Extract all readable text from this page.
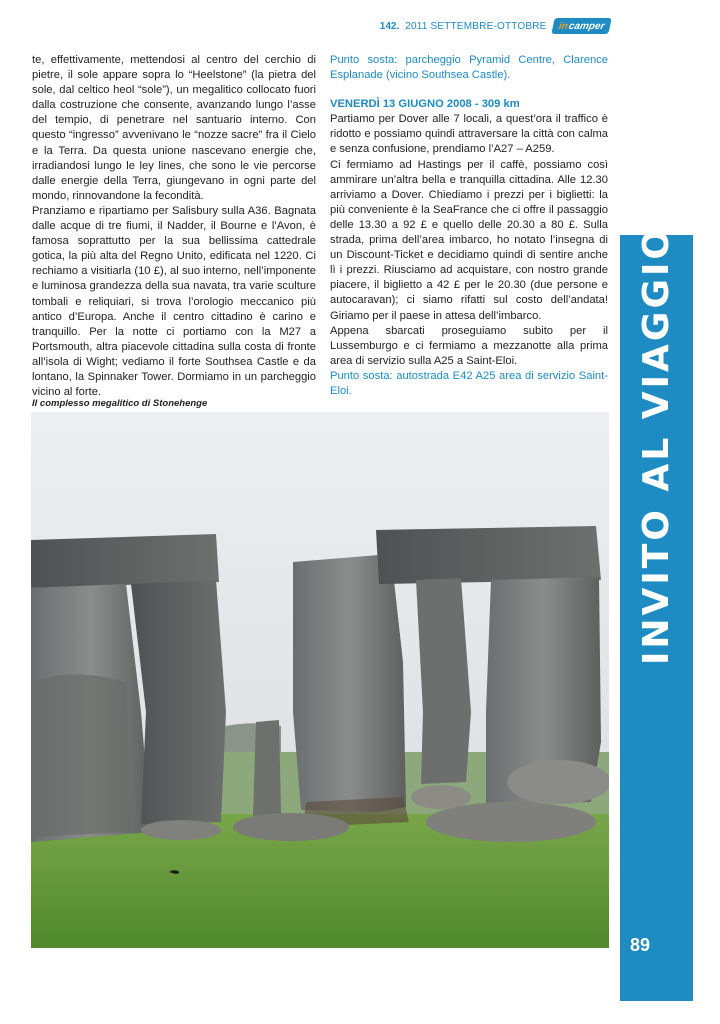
142. 2011 SETTEMBRE-OTTOBRE in
camper

te, effettivamente, mettendosi al centro del cerchio di pietre, il sole appare sopra lo “Heelstone” (la pietra del sole, dal celtico heol “sole”), un megalitico collocato fuori dalla costruzione che consente, avanzando lungo l’asse del tempio, di penetrare nel santuario interno. Con questo “ingresso” avvenivano le “nozze sacre” fra il Cielo e la Terra. Da questa unione nascevano energie che, irradiandosi lungo le ley lines, che sono le vie percorse dalle energie della Terra, giungevano in ogni parte del mondo, rinnovandone la fecondità.

Pranziamo e ripartiamo per Salisbury sulla A36. Bagnata dalle acque di tre fiumi, il Nadder, il Bourne e l’Avon, è famosa soprattutto per la sua bellissima cattedrale gotica, la più alta del Regno Unito, edificata nel 1220. Ci rechiamo a visitiarla (10 £), al suo interno, nell’imponente e luminosa grandezza della sua navata, tra varie sculture tombali e reliquiari, si trova l’orologio meccanico più antico d’Europa. Anche il centro cittadino è carino e tranquillo. Per la notte ci portiamo con la M27 a Portsmouth, altra piacevole cittadina sulla costa di fronte all’isola di Wight; vediamo il forte Southsea Castle e da lontano, la Spinnaker Tower. Dormiamo in un parcheggio vicino al forte.

Punto sosta: parcheggio Pyramid Centre, Clarence Esplanade (vicino Southsea Castle).

VENERDÌ 13 GIUGNO 2008 - 309 km

Partiamo per Dover alle 7 locali, a quest’ora il traffico è ridotto e possiamo quindi attraversare la città con calma e senza confusione, prendiamo l’A27 – A259.

Ci fermiamo ad Hastings per il caffè, possiamo così ammirare un’altra bella e tranquilla cittadina. Alle 12.30 arriviamo a Dover. Chiediamo i prezzi per i biglietti: la più conveniente è la SeaFrance che ci offre il passaggio delle 13.30 a 92 £ e quello delle 20.30 a 80 £. Sulla strada, prima dell’area imbarco, ho notato l’insegna di un Discount-Ticket e decidiamo quindi di sentire anche lì i prezzi. Riusciamo ad acquistare, con nostro grande piacere, il biglietto a 42 £ per le 20.30 (due persone e autocaravan); ci siamo rifatti sul costo dell’andata! Giriamo per il paese in attesa dell’imbarco.

Appena sbarcati proseguiamo subito per il Lussemburgo e ci fermiamo a mezzanotte alla prima area di servizio sulla A25 a Saint-Eloi.

Punto sosta: autostrada E42 A25 area di servizio Saint-Eloi.

Il complesso megalitico di Stonehenge	INVITO AL VIAGGIO
89
